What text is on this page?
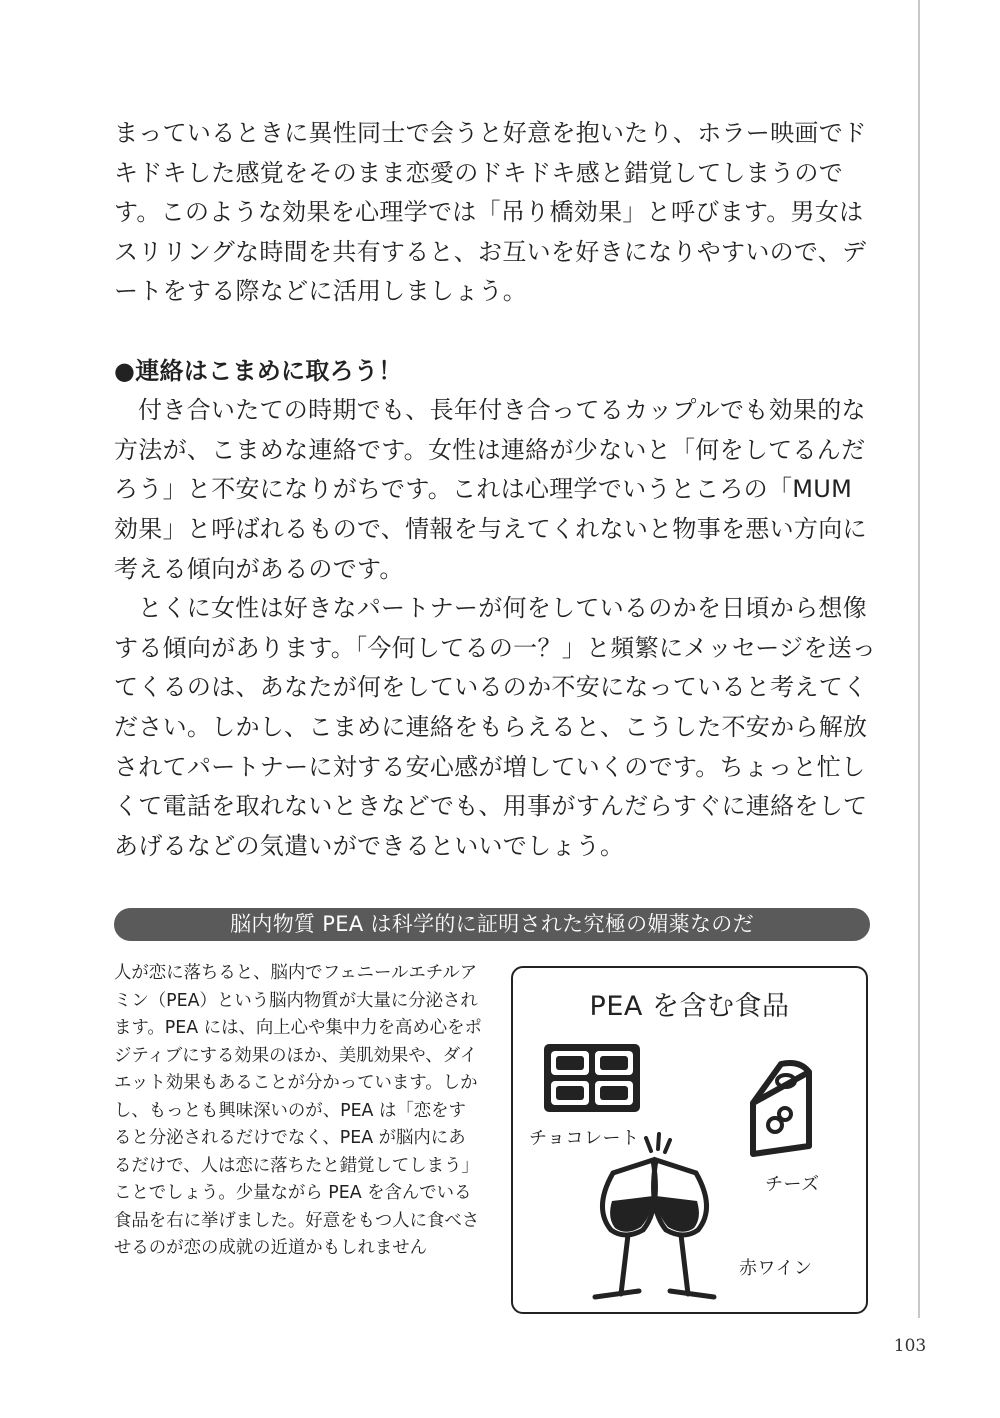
まっているときに異性同士で会うと好意を抱いたり、ホラー映画でドキドキした感覚をそのまま恋愛のドキドキ感と錯覚してしまうのです。このような効果を心理学では「吊り橋効果」と呼びます。男女はスリリングな時間を共有すると、お互いを好きになりやすいので、デートをする際などに活用しましょう。

●連絡はこまめに取ろう！

付き合いたての時期でも、長年付き合ってるカップルでも効果的な方法が、こまめな連絡です。女性は連絡が少ないと「何をしてるんだろう」と不安になりがちです。これは心理学でいうところの「MUM 効果」と呼ばれるもので、情報を与えてくれないと物事を悪い方向に考える傾向があるのです。

とくに女性は好きなパートナーが何をしているのかを日頃から想像する傾向があります。「今何してるの一？」と頻繁にメッセージを送ってくるのは、あなたが何をしているのか不安になっていると考えてください。しかし、こまめに連絡をもらえると、こうした不安から解放されてパートナーに対する安心感が増していくのです。ちょっと忙しくて電話を取れないときなどでも、用事がすんだらすぐに連絡をしてあげるなどの気遣いができるといいでしょう。

脳内物質 PEA は科学的に証明された究極の媚薬なのだ

人が恋に落ちると、脳内でフェニールエチルアミン（PEA）という脳内物質が大量に分泌されます。PEA には、向上心や集中力を高め心をポジティブにする効果のほか、美肌効果や、ダイエット効果もあることが分かっています。しかし、もっとも興味深いのが、PEA は「恋をすると分泌されるだけでなく、PEA が脳内にあるだけで、人は恋に落ちたと錯覚してしまう」ことでしょう。少量ながら PEA を含んでいる食品を右に挙げました。好意をもつ人に食べさせるのが恋の成就の近道かもしれません

PEA を含む食品
チョコレート
チーズ
赤ワイン
103
